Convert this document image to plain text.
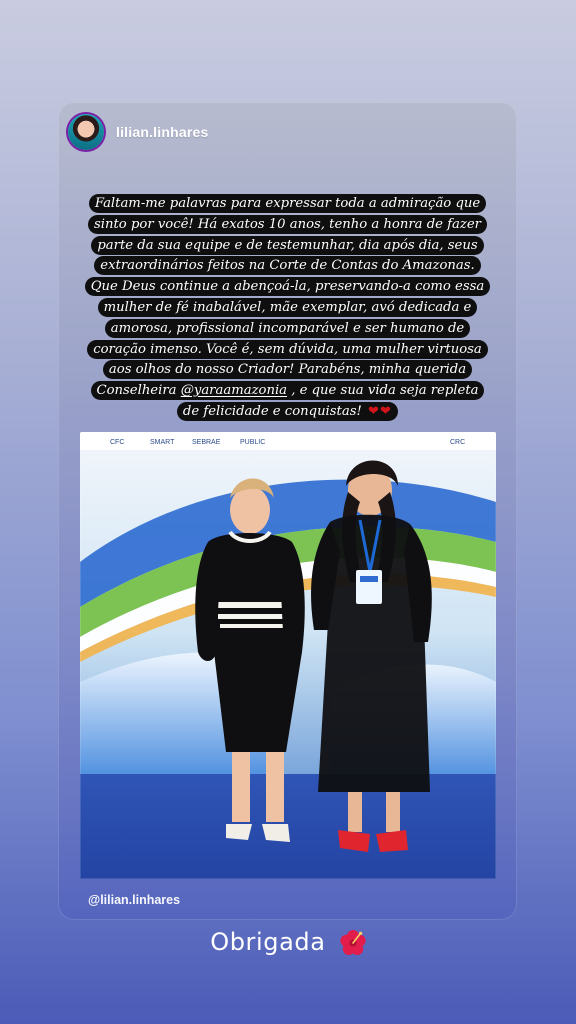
lilian.linhares
Faltam-me palavras para expressar toda a admiração que
sinto por você! Há exatos 10 anos, tenho a honra de fazer
parte da sua equipe e de testemunhar, dia após dia, seus
extraordinários feitos na Corte de Contas do Amazonas.
Que Deus continue a abençoá-la, preservando-a como essa
mulher de fé inabalável, mãe exemplar, avó dedicada e
amorosa, profissional incomparável e ser humano de
coração imenso. Você é, sem dúvida, uma mulher virtuosa
aos olhos do nosso Criador! Parabéns, minha querida
Conselheira @yaraamazonia , e que sua vida seja repleta
de felicidade e conquistas! ❤❤
CFC	SMART	SEBRAE	PUBLIC	CRC
@lilian.linhares
Obrigada
